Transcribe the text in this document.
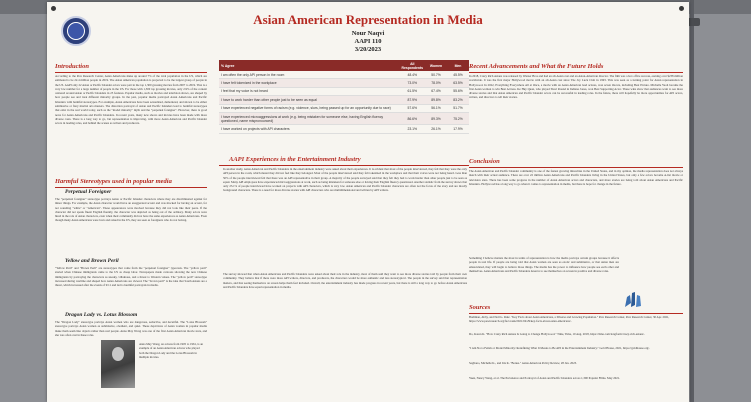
Asian American Representation in Media
Nour Naqvi
AAPI 110
3/20/2023
Introduction
According to the Pew Research Center, Asian Americans make up around 7% of the total population in the US, which are estimated to be 22.4 million people in 2019. The Asian American population is projected to be the largest group of people in the US. AAPI only 22 Asian or Pacific Islander actors were part in the top 1,300 grossing movies from 2007 to 2019. That is a very low number for a large number of people in the US. For those with 1,300 top grossing movies, only 2.9% of the content centered around Asian or Pacific Islanders in 25 features. Popular media, such as movies and television shows, are shaped by how people see and treat different minority groups. In the past, popular media portrayed Asian Americans and Pacific Islanders with harmful stereotypes. For example, Asian Americans have been sexualized, demonized, and shown to be either submissive or fiery martial arts masters. The distortion portrayal of Asian and Pacific Islanders lead to harmful stereotypes that exist in the real world today, such as the "model minority" myth and the "perpetual foreigner". However, there is good news for Asian Americans and Pacific Islanders. In recent years, many new shows and movies have been made with more diverse casts. There is a long way to go, but representation is improving, with more Asian American and Pacific Islander actors in leading roles, and behind the scenes as writers and producers.
Harmful Stereotypes used in popular media
Perpetual Foreigner
The "perpetual foreigner" stereotype portrays Asian or Pacific Islander characters where they are discriminated against for minor things. For example, the Asian character would have an exaggerated accent and was mocked for having an accent, for not sounding "white" or "American". These appearances were mocked because they did not look like their peers. If the character did not speak fluent English fluently, the character was depicted as being out of the ordinary. Many actors were hired in the role of Asian characters, even when their community did not have the same experiences as Asian Americans. Even though many Asian Americans were born and raised in the US, they are seen as foreigners who do not belong.
Yellow and Brown Peril
"Yellow Peril" and "Brown Peril" are stereotypes that come from the "perpetual foreigner" typecasts. The "yellow peril" started when Chinese immigrants came to the US as cheap labor. Newspapers made cartoons showing the new Chinese immigrants by portraying the characters as sneaky, villainous, and a threat to Western values. The "yellow peril" stereotype increased during wartime and shaped how Asian Americans are viewed. The "brown peril" is the idea that South Asians are a threat, which increased after the events of 9/11 and led to harmful portrayals in media.
Dragon Lady vs. Lotus Blossom
The "Dragon Lady" stereotype portrays Asian women who are dangerous, seductive, and deceitful. The "Lotus Blossom" stereotype portrays Asian women as submissive, obedient, and quiet. These depictions of Asian women in popular media make them seem like objects rather than real people. Anna May Wong was one of the first Asian American movie stars, and she was often cast in these roles.
Anna May Wong, an actress from 1905 to 1961, is an example of an Asian American actress who played both the Dragon Lady and the Lotus Blossom in multiple movies.
% Agree	All Respondents	Women	Men
I am often the only API person in the room	48.4%	50.7%	45.5%
I have felt tokenized in the workplace	73.0%	78.0%	63.5%
I feel that my voice is not heard	61.5%	67.4%	55.6%
I have to work harder than other people just to be seen as equal	87.9%	89.8%	83.2%
I have experienced negative forms of racism (e.g. violence, slurs, being passed up for an opportunity due to race)	57.6%	56.1%	51.7%
I have experienced microaggressions at work (e.g. being mistaken for someone else, having English fluency questioned, name mispronounced)	86.6%	89.3%	75.2%
I have worked on projects with API characters	23.1%	26.1%	17.9%
AAPI Experiences in the Entertainment Industry
In another study, Asian American and Pacific Islanders in the entertainment industry were asked about their experiences. It is evident that most of the people interviewed, they felt that they were the only API person in the room, which meant they did not feel like they belonged. Most of the people interviewed said they felt tokenized in the workplace and that their voices were not being heard. Less than 50% of the people interviewed felt that there was an API representative in their group. A majority of the people surveyed said that they felt they had to work harder than other people just to be seen as equal. Many API employees have experienced microaggressions at work, such as being mistaken for someone else or having their English fluency questioned. Another statistic from the survey shows that only 23.1% of people interviewed have worked on projects with API characters, which is very low. Asian American and Pacific Islander characters are often not the focus of the story and are mostly background characters. There is a need for more diverse stories with API characters who are multidimensional and written by API writers.
The survey showed that when Asian Americans and Pacific Islanders were asked about their role in the industry, most of them said they want to see more diverse stories told by people from their own community. They believe that if there were more API writers, directors, and producers, the characters would be more authentic and less stereotypical. The people in the survey said that representation matters, and that seeing themselves on screen helps them feel included. Overall, the entertainment industry has made progress in recent years, but there is still a long way to go before Asian Americans and Pacific Islanders have equal representation in media.
Recent Advancements and What the Future Holds
In 2018, Crazy Rich Asians was released by Warner Bros and had an all-Asian cast and an Asian-American director. The film was a box office success, earning over $238 million worldwide. It was the first major Hollywood movie with an all-Asian cast since The Joy Luck Club in 1993. This was seen as a turning point for Asian representation in Hollywood. In 2022, Everything Everywhere All at Once, a movie with an Asian American lead actress, won seven Oscars, including Best Picture. Michelle Yeoh became the first Asian woman to win Best Actress. Ke Huy Quan, who played Short Round in Indiana Jones, won Best Supporting Actor. These wins show that audiences want to see more diverse stories and that Asian American and Pacific Islander actors can be successful in leading roles. In the future, there will hopefully be more opportunities for API actors, writers, and directors to tell their stories.
Conclusion
The Asian American and Pacific Islander community is one of the fastest growing minorities in the United States, and in my opinion, the media representation does not always match with their actual audience. There are over 22 million Asian Americans and Pacific Islanders living in the United States, but only a few actors become A-list movie or television stars. There has been some progress in the number of Asian American actors and characters, and more stories are being told about Asian Americans and Pacific Islanders. Hollywood has a long way to go when it comes to representation in media, but there is hope for change in the future.
Something I believe matters the most in terms of representation is how the media portrays certain groups because it affects people in real life. If people are being told that Asian women are seen as exotic and submissive, or that Asian men are emasculated, they will begin to believe those things. The media has the power to influence how people see each other and themselves. Asian Americans and Pacific Islanders deserve to see themselves on screen in positive and diverse roles.
Sources
Budiman, Abby, and Neil G. Ruiz. "Key Facts about Asian Americans, a Diverse and Growing Population." Pew Research Center, Pew Research Center, 30 Apr. 2021, https://www.pewresearch.org/fact-tank/2021/04/29/key-facts-about-asian-americans/.
Do, Karen K. "How Crazy Rich Asians Is Going to Change Hollywood." Time, Time, 10 Aug. 2018, https://time.com/longform/crazy-rich-asians/.
"I Am Not a Fetish or Model Minority: Redefining What It Means to Be API in the Entertainment Industry." Gold House, 2021, https://goldhouse.org/.
Sagliano, Michelle K., and Iris K. "Bonus." Asian American Policy Review, 28 Jan. 2023.
Yuen, Nancy Wang, et al. The Prevalence and Portrayal of Asian and Pacific Islanders across 1,300 Popular Films. May 2021.
